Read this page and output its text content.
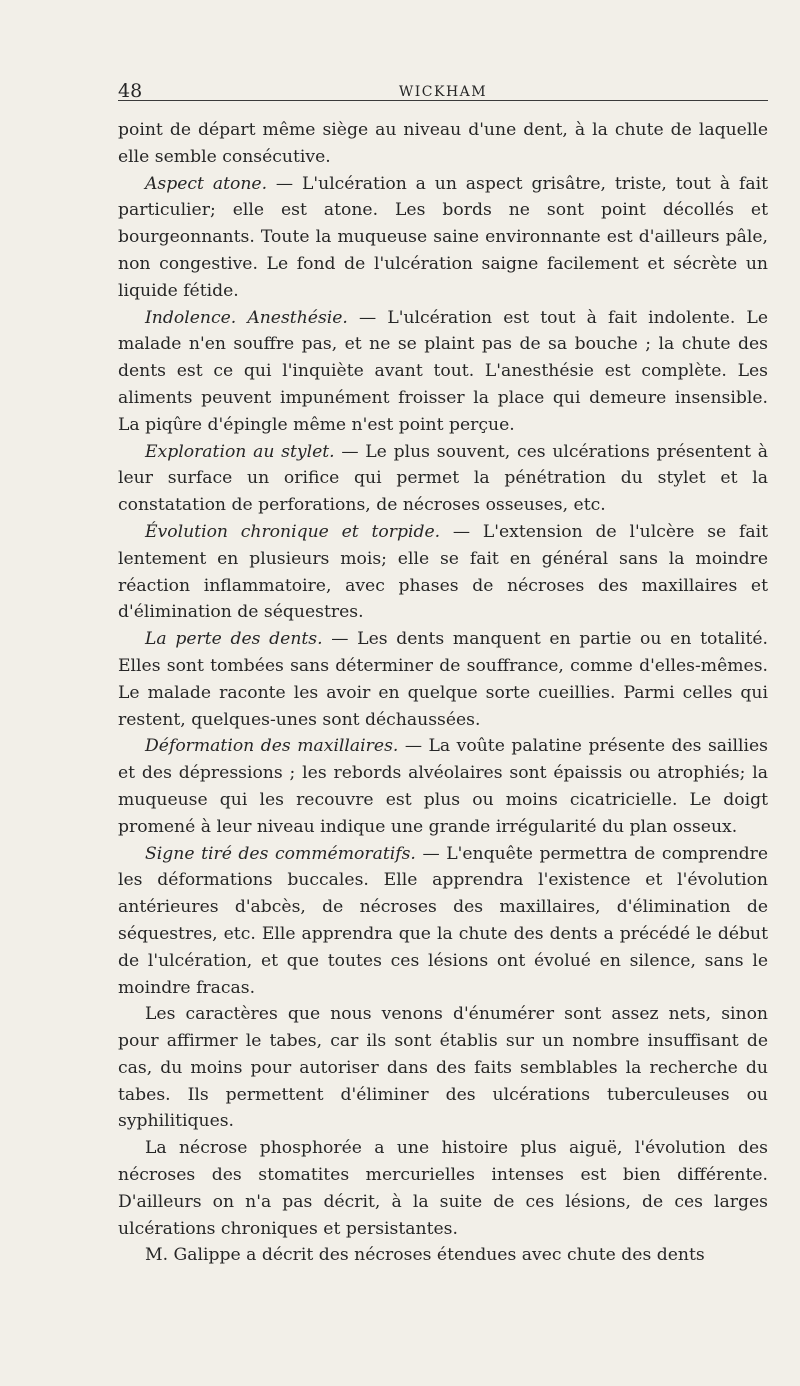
48	WICKHAM

point de départ même siège au niveau d'une dent, à la chute de laquelle elle semble consécutive.

Aspect atone. — L'ulcération a un aspect grisâtre, triste, tout à fait particulier; elle est atone. Les bords ne sont point décollés et bourgeonnants. Toute la muqueuse saine environnante est d'ailleurs pâle, non congestive. Le fond de l'ulcération saigne facilement et sécrète un liquide fétide.

Indolence. Anesthésie. — L'ulcération est tout à fait indolente. Le malade n'en souffre pas, et ne se plaint pas de sa bouche ; la chute des dents est ce qui l'inquiète avant tout. L'anesthésie est complète. Les aliments peuvent impunément froisser la place qui demeure insensible. La piqûre d'épingle même n'est point perçue.

Exploration au stylet. — Le plus souvent, ces ulcérations présentent à leur surface un orifice qui permet la pénétration du stylet et la constatation de perforations, de nécroses osseuses, etc.

Évolution chronique et torpide. — L'extension de l'ulcère se fait lentement en plusieurs mois; elle se fait en général sans la moindre réaction inflammatoire, avec phases de nécroses des maxillaires et d'élimination de séquestres.

La perte des dents. — Les dents manquent en partie ou en totalité. Elles sont tombées sans déterminer de souffrance, comme d'elles-mêmes. Le malade raconte les avoir en quelque sorte cueillies. Parmi celles qui restent, quelques-unes sont déchaussées.

Déformation des maxillaires. — La voûte palatine présente des saillies et des dépressions ; les rebords alvéolaires sont épaissis ou atrophiés; la muqueuse qui les recouvre est plus ou moins cicatricielle. Le doigt promené à leur niveau indique une grande irrégularité du plan osseux.

Signe tiré des commémoratifs. — L'enquête permettra de comprendre les déformations buccales. Elle apprendra l'existence et l'évolution antérieures d'abcès, de nécroses des maxillaires, d'élimination de séquestres, etc. Elle apprendra que la chute des dents a précédé le début de l'ulcération, et que toutes ces lésions ont évolué en silence, sans le moindre fracas.

Les caractères que nous venons d'énumérer sont assez nets, sinon pour affirmer le tabes, car ils sont établis sur un nombre insuffisant de cas, du moins pour autoriser dans des faits semblables la recherche du tabes. Ils permettent d'éliminer des ulcérations tuberculeuses ou syphilitiques.

La nécrose phosphorée a une histoire plus aiguë, l'évolution des nécroses des stomatites mercurielles intenses est bien différente. D'ailleurs on n'a pas décrit, à la suite de ces lésions, de ces larges ulcérations chroniques et persistantes.

M. Galippe a décrit des nécroses étendues avec chute des dents
